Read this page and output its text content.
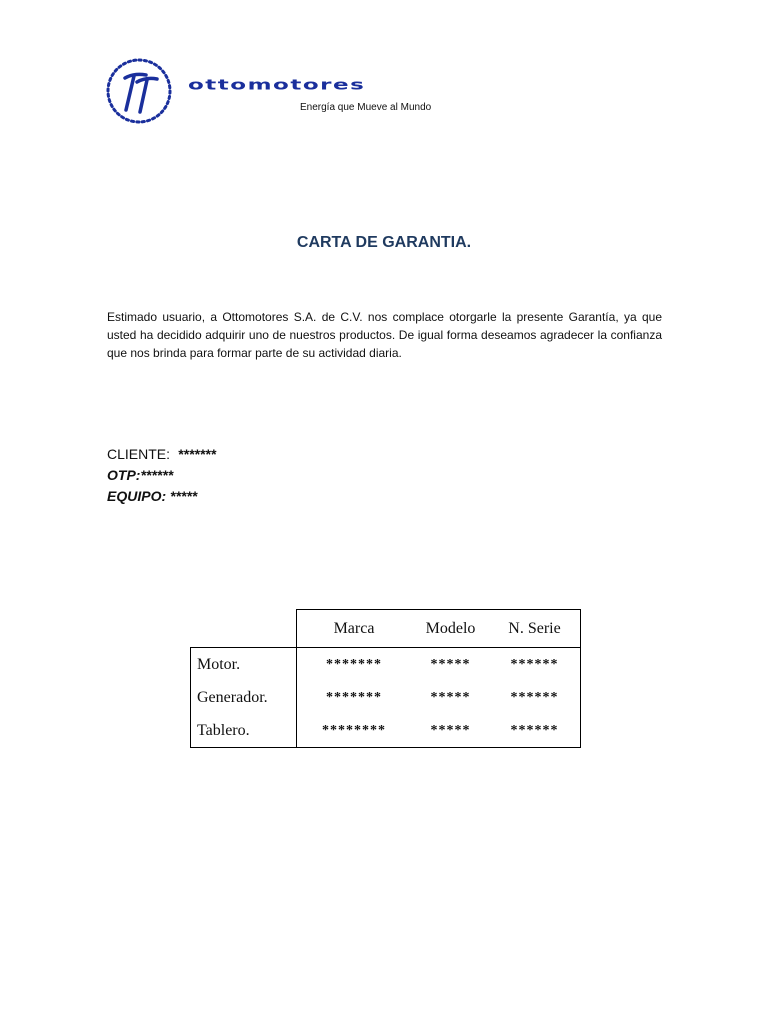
ottomotores
Energía que Mueve al Mundo
CARTA DE GARANTIA.

Estimado usuario, a Ottomotores S.A. de C.V. nos complace otorgarle la presente Garantía, ya que usted ha decidido adquirir uno de nuestros productos. De igual forma deseamos agradecer la confianza que nos brinda para formar parte de su actividad diaria.

CLIENTE: *******
OTP:******
EQUIPO: *****
	Marca	Modelo	N. Serie
Motor.	*******	*****	******
Generador.	*******	*****	******
Tablero.	********	*****	******
